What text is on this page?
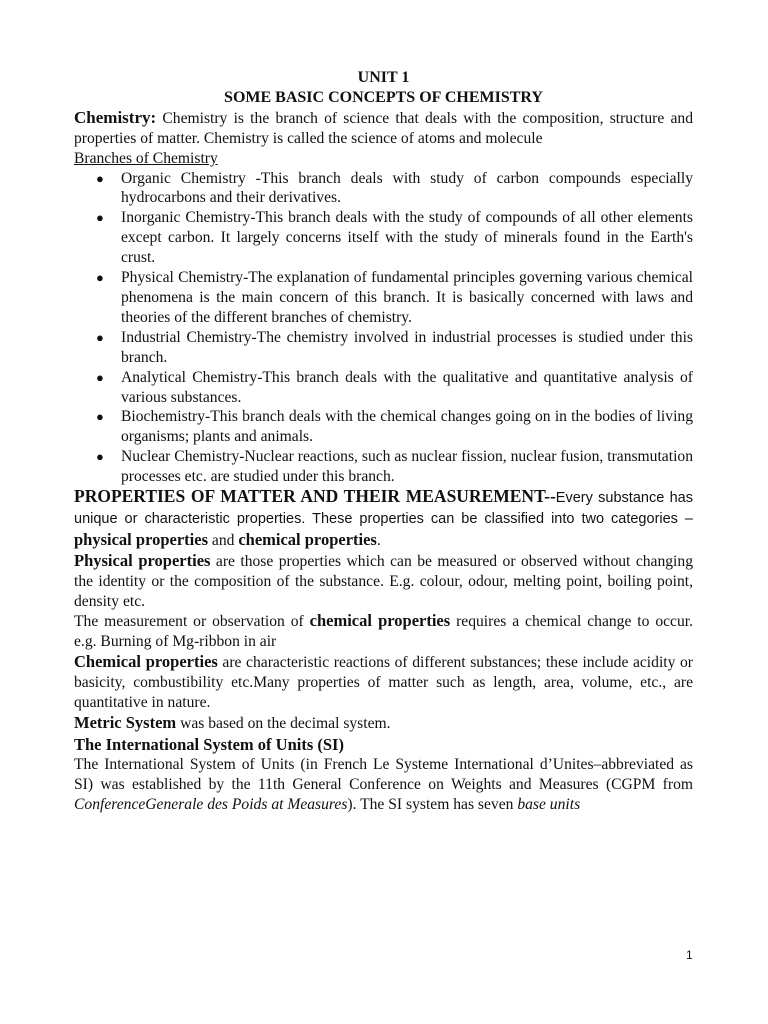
UNIT 1
SOME BASIC CONCEPTS OF CHEMISTRY

Chemistry: Chemistry is the branch of science that deals with the composition, structure and properties of matter. Chemistry is called the science of atoms and molecule

Branches of Chemistry
● Organic Chemistry -This branch deals with study of carbon compounds especially hydrocarbons and their derivatives.
● Inorganic Chemistry-This branch deals with the study of compounds of all other elements except carbon. It largely concerns itself with the study of minerals found in the Earth's crust.
● Physical Chemistry-The explanation of fundamental principles governing various chemical phenomena is the main concern of this branch. It is basically concerned with laws and theories of the different branches of chemistry.
● Industrial Chemistry-The chemistry involved in industrial processes is studied under this branch.
● Analytical Chemistry-This branch deals with the qualitative and quantitative analysis of various substances.
● Biochemistry-This branch deals with the chemical changes going on in the bodies of living organisms; plants and animals.
● Nuclear Chemistry-Nuclear reactions, such as nuclear fission, nuclear fusion, transmutation processes etc. are studied under this branch.

PROPERTIES OF MATTER AND THEIR MEASUREMENT--Every substance has unique or characteristic properties. These properties can be classified into two categories – physical properties and chemical properties.

Physical properties are those properties which can be measured or observed without changing the identity or the composition of the substance. E.g. colour, odour, melting point, boiling point, density etc.

The measurement or observation of chemical properties requires a chemical change to occur. e.g. Burning of Mg-ribbon in air

Chemical properties are characteristic reactions of different substances; these include acidity or basicity, combustibility etc.Many properties of matter such as length, area, volume, etc., are quantitative in nature.

Metric System was based on the decimal system.

The International System of Units (SI)

The International System of Units (in French Le Systeme International d’Unites–abbreviated as SI) was established by the 11th General Conference on Weights and Measures (CGPM from ConferenceGenerale des Poids at Measures). The SI system has seven base units

1
